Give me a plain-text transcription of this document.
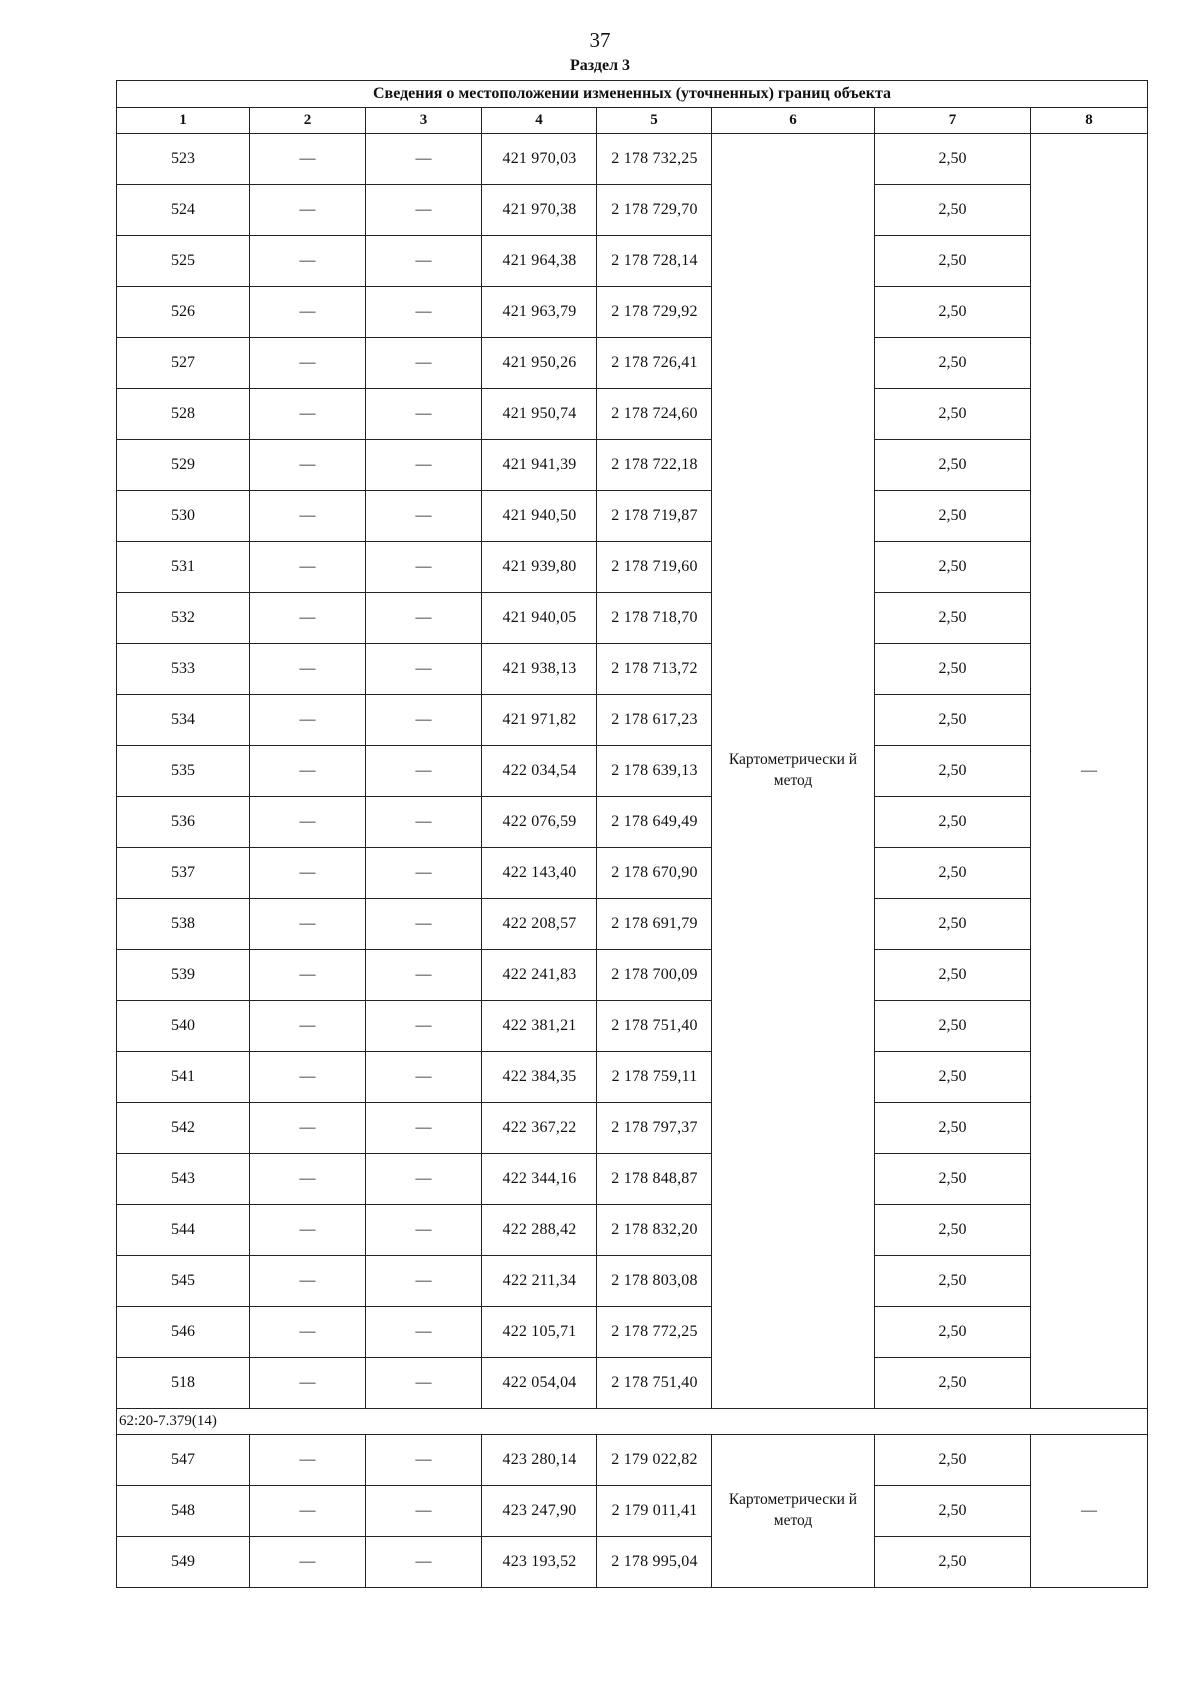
37
Раздел 3
Сведения о местоположении измененных (уточненных) границ объекта							
1	2	3	4	5	6	7	8
523	—	—	421 970,03	2 178 732,25	Картометрически й метод	2,50	—
524	—	—	421 970,38	2 178 729,70		2,50	
525	—	—	421 964,38	2 178 728,14		2,50	
526	—	—	421 963,79	2 178 729,92		2,50	
527	—	—	421 950,26	2 178 726,41		2,50	
528	—	—	421 950,74	2 178 724,60		2,50	
529	—	—	421 941,39	2 178 722,18		2,50	
530	—	—	421 940,50	2 178 719,87		2,50	
531	—	—	421 939,80	2 178 719,60		2,50	
532	—	—	421 940,05	2 178 718,70		2,50	
533	—	—	421 938,13	2 178 713,72		2,50	
534	—	—	421 971,82	2 178 617,23		2,50	
535	—	—	422 034,54	2 178 639,13		2,50	
536	—	—	422 076,59	2 178 649,49		2,50	
537	—	—	422 143,40	2 178 670,90		2,50	
538	—	—	422 208,57	2 178 691,79		2,50	
539	—	—	422 241,83	2 178 700,09		2,50	
540	—	—	422 381,21	2 178 751,40		2,50	
541	—	—	422 384,35	2 178 759,11		2,50	
542	—	—	422 367,22	2 178 797,37		2,50	
543	—	—	422 344,16	2 178 848,87		2,50	
544	—	—	422 288,42	2 178 832,20		2,50	
545	—	—	422 211,34	2 178 803,08		2,50	
546	—	—	422 105,71	2 178 772,25		2,50	
518	—	—	422 054,04	2 178 751,40		2,50	
62:20-7.379(14)							
547	—	—	423 280,14	2 179 022,82	Картометрически й метод	2,50	—
548	—	—	423 247,90	2 179 011,41		2,50	
549	—	—	423 193,52	2 178 995,04		2,50	
